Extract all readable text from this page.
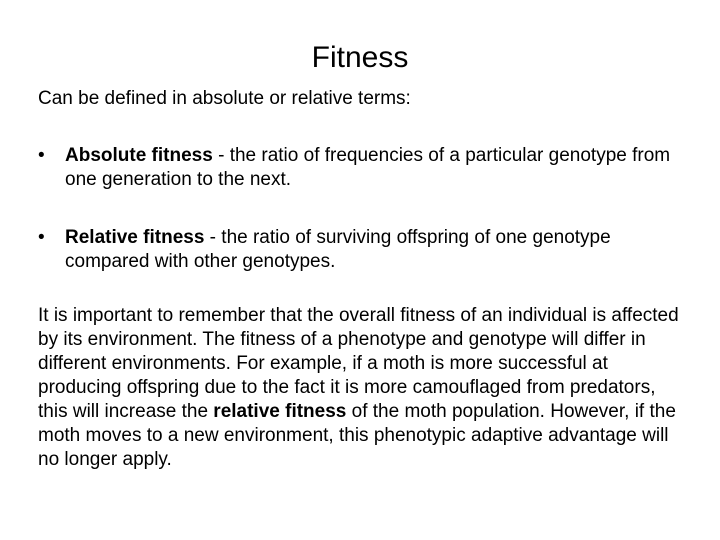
Fitness
Can be defined in absolute or relative terms:
•	Absolute fitness - the ratio of frequencies of a particular genotype from one generation to the next.
•	Relative fitness - the ratio of surviving offspring of one genotype compared with other genotypes.
It is important to remember that the overall fitness of an individual is affected by its environment. The fitness of a phenotype and genotype will differ in different environments. For example, if a moth is more successful at producing offspring due to the fact it is more camouflaged from predators, this will increase the relative fitness of the moth population. However, if the moth moves to a new environment, this phenotypic adaptive advantage will no longer apply.
